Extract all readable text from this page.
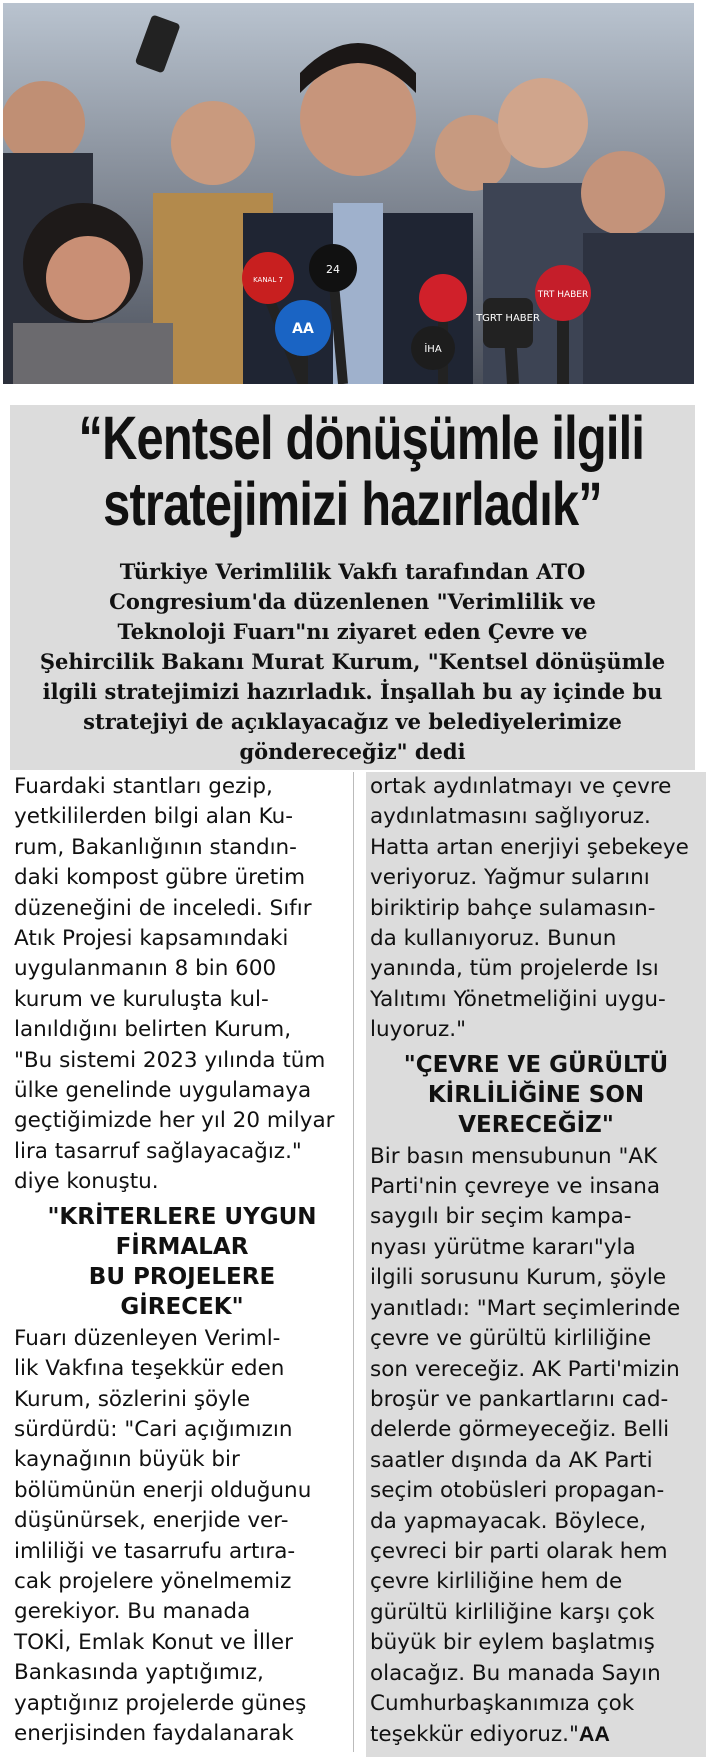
24
AA
TGRT HABER
TRT HABER
İHA
KANAL 7
“Kentsel dönüşümle ilgili
stratejimizi hazırladık”
Türkiye Verimlilik Vakfı tarafından ATO
Congresium'da düzenlenen "Verimlilik ve
Teknoloji Fuarı"nı ziyaret eden Çevre ve
Şehircilik Bakanı Murat Kurum, "Kentsel dönüşümle
ilgili stratejimizi hazırladık. İnşallah bu ay içinde bu
stratejiyi de açıklayacağız ve belediyelerimize
göndereceğiz" dedi

Fuardaki stantları gezip,
yetkililerden bilgi alan Ku-
rum, Bakanlığının standın-
daki kompost gübre üretim
düzeneğini de inceledi. Sıfır
Atık Projesi kapsamındaki
uygulanmanın 8 bin 600
kurum ve kuruluşta kul-
lanıldığını belirten Kurum,
"Bu sistemi 2023 yılında tüm
ülke genelinde uygulamaya
geçtiğimizde her yıl 20 milyar
lira tasarruf sağlayacağız."
diye konuştu.

"KRİTERLERE UYGUN
FİRMALAR
BU PROJELERE
GİRECEK"

Fuarı düzenleyen Veriml-
lik Vakfına teşekkür eden
Kurum, sözlerini şöyle
sürdürdü: "Cari açığımızın
kaynağının büyük bir
bölümünün enerji olduğunu
düşünürsek, enerjide ver-
imliliği ve tasarrufu artıra-
cak projelere yönelmemiz
gerekiyor. Bu manada
TOKİ, Emlak Konut ve İller
Bankasında yaptığımız,
yaptığınız projelerde güneş
enerjisinden faydalanarak

ortak aydınlatmayı ve çevre
aydınlatmasını sağlıyoruz.
Hatta artan enerjiyi şebekeye
veriyoruz. Yağmur sularını
biriktirip bahçe sulamasın-
da kullanıyoruz. Bunun
yanında, tüm projelerde Isı
Yalıtımı Yönetmeliğini uygu-
luyoruz."

"ÇEVRE VE GÜRÜLTÜ
KİRLİLİĞİNE SON
VERECEĞİZ"

Bir basın mensubunun "AK
Parti'nin çevreye ve insana
saygılı bir seçim kampa-
nyası yürütme kararı"yla
ilgili sorusunu Kurum, şöyle
yanıtladı: "Mart seçimlerinde
çevre ve gürültü kirliliğine
son vereceğiz. AK Parti'mizin
broşür ve pankartlarını cad-
delerde görmeyeceğiz. Belli
saatler dışında da AK Parti
seçim otobüsleri propagan-
da yapmayacak. Böylece,
çevreci bir parti olarak hem
çevre kirliliğine hem de
gürültü kirliliğine karşı çok
büyük bir eylem başlatmış
olacağız. Bu manada Sayın
Cumhurbaşkanımıza çok
teşekkür ediyoruz."AA
